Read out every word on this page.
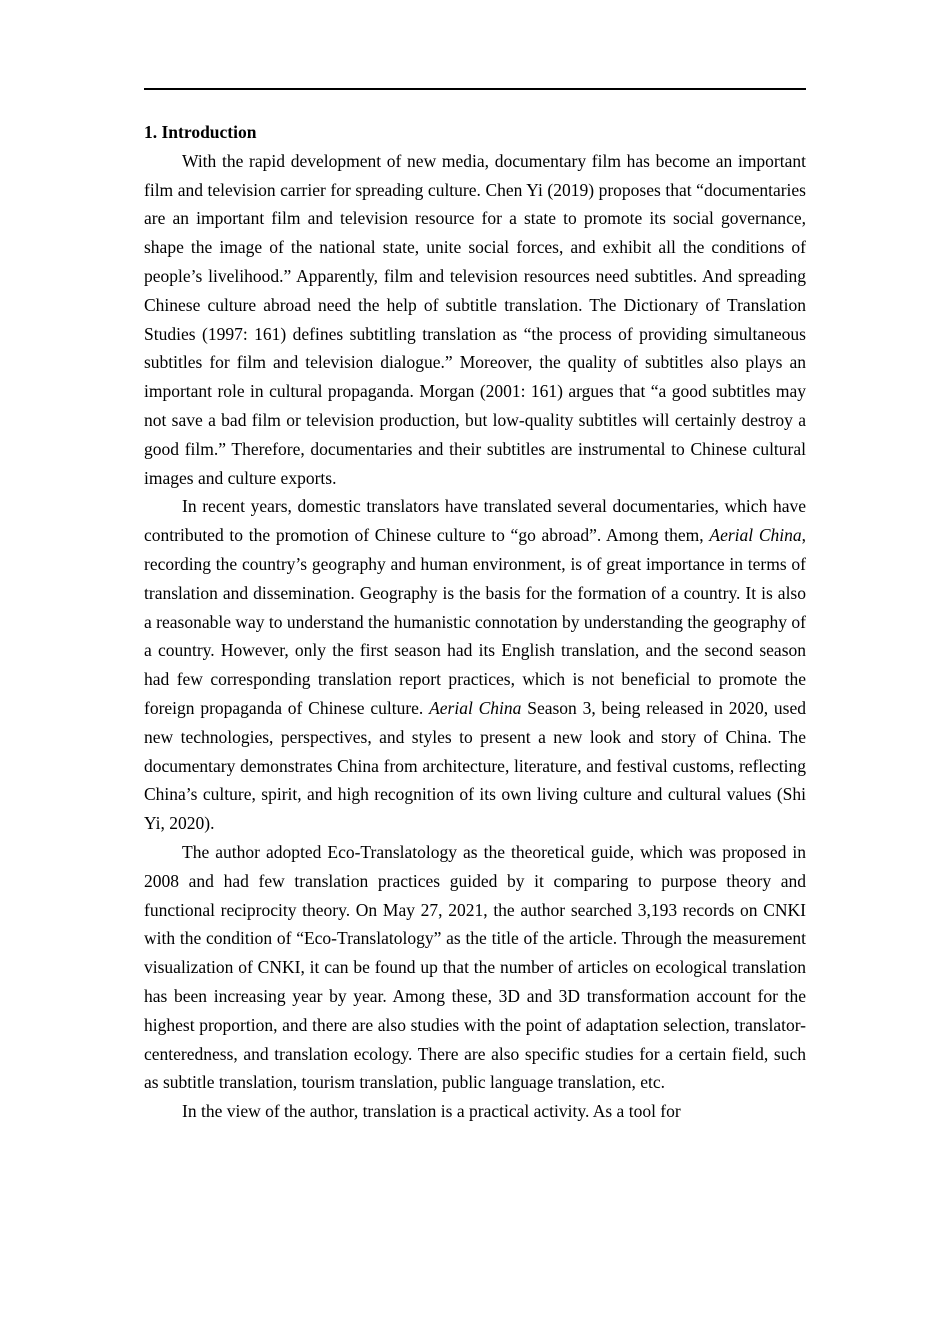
1. Introduction

With the rapid development of new media, documentary film has become an important film and television carrier for spreading culture. Chen Yi (2019) proposes that “documentaries are an important film and television resource for a state to promote its social governance, shape the image of the national state, unite social forces, and exhibit all the conditions of people’s livelihood.” Apparently, film and television resources need subtitles. And spreading Chinese culture abroad need the help of subtitle translation. The Dictionary of Translation Studies (1997: 161) defines subtitling translation as “the process of providing simultaneous subtitles for film and television dialogue.” Moreover, the quality of subtitles also plays an important role in cultural propaganda. Morgan (2001: 161) argues that “a good subtitles may not save a bad film or television production, but low-quality subtitles will certainly destroy a good film.” Therefore, documentaries and their subtitles are instrumental to Chinese cultural images and culture exports.

In recent years, domestic translators have translated several documentaries, which have contributed to the promotion of Chinese culture to “go abroad”. Among them, Aerial China, recording the country’s geography and human environment, is of great importance in terms of translation and dissemination. Geography is the basis for the formation of a country. It is also a reasonable way to understand the humanistic connotation by understanding the geography of a country. However, only the first season had its English translation, and the second season had few corresponding translation report practices, which is not beneficial to promote the foreign propaganda of Chinese culture. Aerial China Season 3, being released in 2020, used new technologies, perspectives, and styles to present a new look and story of China. The documentary demonstrates China from architecture, literature, and festival customs, reflecting China’s culture, spirit, and high recognition of its own living culture and cultural values (Shi Yi, 2020).

The author adopted Eco-Translatology as the theoretical guide, which was proposed in 2008 and had few translation practices guided by it comparing to purpose theory and functional reciprocity theory. On May 27, 2021, the author searched 3,193 records on CNKI with the condition of “Eco-Translatology” as the title of the article. Through the measurement visualization of CNKI, it can be found up that the number of articles on ecological translation has been increasing year by year. Among these, 3D and 3D transformation account for the highest proportion, and there are also studies with the point of adaptation selection, translator-centeredness, and translation ecology. There are also specific studies for a certain field, such as subtitle translation, tourism translation, public language translation, etc.

In the view of the author, translation is a practical activity. As a tool for
